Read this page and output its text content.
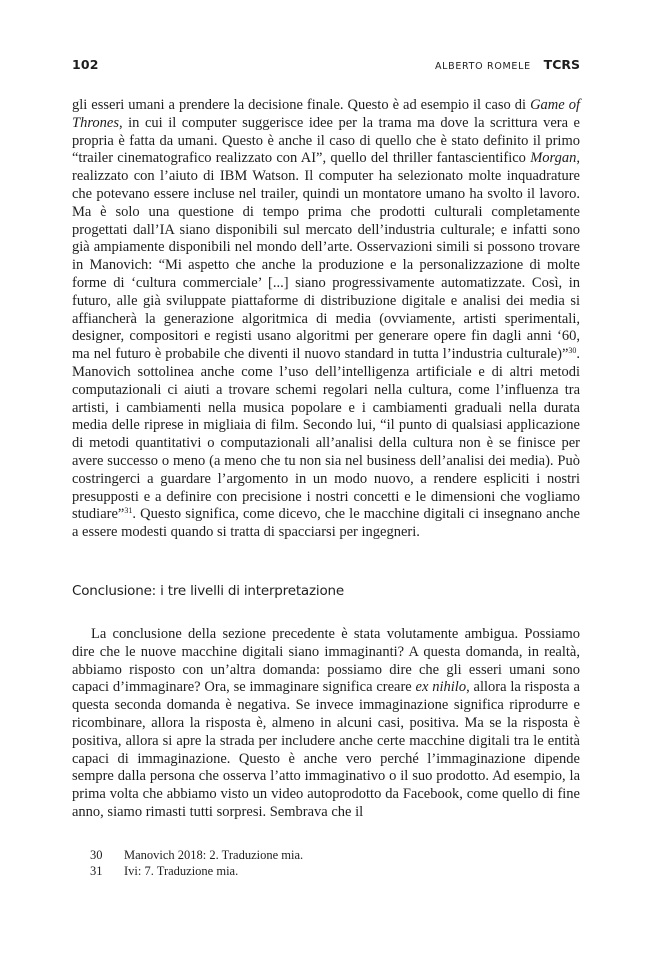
102	ALBERTO ROMELE TCRS

gli esseri umani a prendere la decisione finale. Questo è ad esempio il caso di Game of Thrones, in cui il computer suggerisce idee per la trama ma dove la scrittura vera e propria è fatta da umani. Questo è anche il caso di quello che è stato definito il primo “trailer cinematografico realizzato con AI”, quello del thriller fantascientifico Morgan, realizzato con l’aiuto di IBM Watson. Il computer ha selezionato molte inquadrature che potevano essere incluse nel trailer, quindi un montatore umano ha svolto il lavoro. Ma è solo una questione di tempo prima che prodotti culturali completamente progettati dall’IA siano disponibili sul mercato dell’industria culturale; e infatti sono già ampiamente disponibili nel mondo dell’arte. Osservazioni simili si possono trovare in Manovich: “Mi aspetto che anche la produzione e la personalizzazione di molte forme di ‘cultura commerciale’ [...] siano progressivamente automatizzate. Così, in futuro, alle già sviluppate piattaforme di distribuzione digitale e analisi dei media si affiancherà la generazione algoritmica di media (ovviamente, artisti sperimentali, designer, compositori e registi usano algoritmi per generare opere fin dagli anni ‘60, ma nel futuro è probabile che diventi il nuovo standard in tutta l’industria culturale)”$^{30}$. Manovich sottolinea anche come l’uso dell’intelligenza artificiale e di altri metodi computazionali ci aiuti a trovare schemi regolari nella cultura, come l’influenza tra artisti, i cambiamenti nella musica popolare e i cambiamenti graduali nella durata media delle riprese in migliaia di film. Secondo lui, “il punto di qualsiasi applicazione di metodi quantitativi o computazionali all’analisi della cultura non è se finisce per avere successo o meno (a meno che tu non sia nel business dell’analisi dei media). Può costringerci a guardare l’argomento in un modo nuovo, a rendere espliciti i nostri presupposti e a definire con precisione i nostri concetti e le dimensioni che vogliamo studiare”$^{31}$. Questo significa, come dicevo, che le macchine digitali ci insegnano anche a essere modesti quando si tratta di spacciarsi per ingegneri.

Conclusione: i tre livelli di interpretazione

La conclusione della sezione precedente è stata volutamente ambigua. Possiamo dire che le nuove macchine digitali siano immaginanti? A questa domanda, in realtà, abbiamo risposto con un’altra domanda: possiamo dire che gli esseri umani sono capaci d’immaginare? Ora, se immaginare significa creare ex nihilo, allora la risposta a questa seconda domanda è negativa. Se invece immaginazione significa riprodurre e ricombinare, allora la risposta è, almeno in alcuni casi, positiva. Ma se la risposta è positiva, allora si apre la strada per includere anche certe macchine digitali tra le entità capaci di immaginazione. Questo è anche vero perché l’immaginazione dipende sempre dalla persona che osserva l’atto immaginativo o il suo prodotto. Ad esempio, la prima volta che abbiamo visto un video autoprodotto da Facebook, come quello di fine anno, siamo rimasti tutti sorpresi. Sembrava che il

30	Manovich 2018: 2. Traduzione mia.
31	Ivi: 7. Traduzione mia.
